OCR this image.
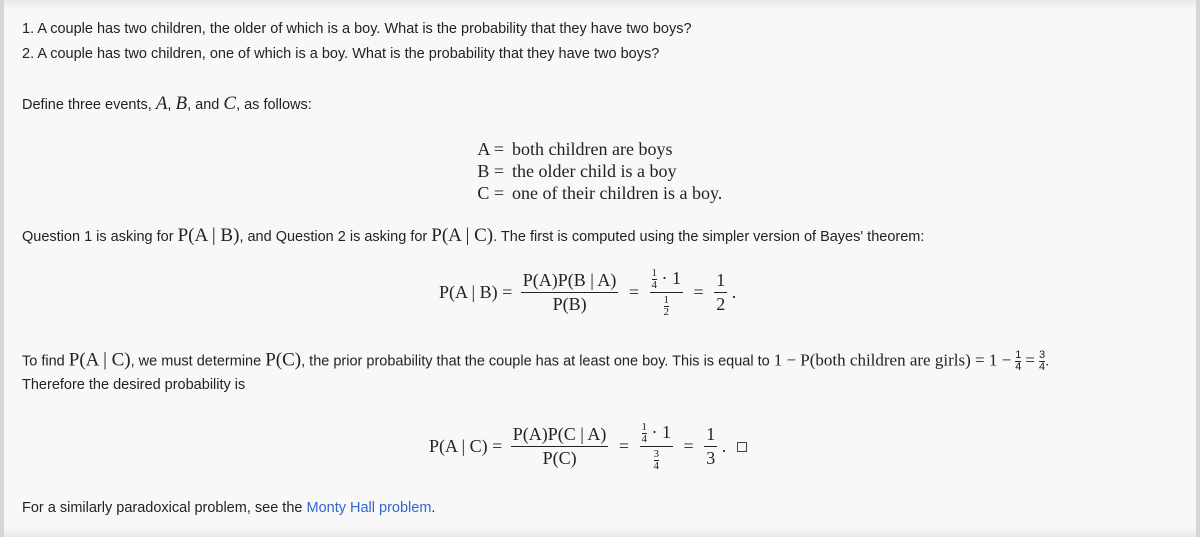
1. A couple has two children, the older of which is a boy. What is the probability that they have two boys?
2. A couple has two children, one of which is a boy. What is the probability that they have two boys?
Define three events, A, B, and C, as follows:
A = both children are boys
B = the older child is a boy
C = one of their children is a boy.
Question 1 is asking for P(A | B), and Question 2 is asking for P(A | C). The first is computed using the simpler version of Bayes' theorem:
P(A | $B) = \frac{P(A)P(B | A)}{P(B)} = \frac{\frac{1}{4} \cdot 1}{\frac{1}{2}} = \frac{1}{2}$ .
To find P(A | C), we must determine P(C), the prior probability that the couple has at least one boy. This is equal to 1 − P(both children are girls) = $1 - \frac{1}{4} = \frac{3}{4}$.
Therefore the desired probability is
P(A | $C) = \frac{P(A)P(C | A)}{P(C)} = \frac{\frac{1}{4} \cdot 1}{\frac{3}{4}} = \frac{1}{3}$ .
For a similarly paradoxical problem, see the Monty Hall problem.
